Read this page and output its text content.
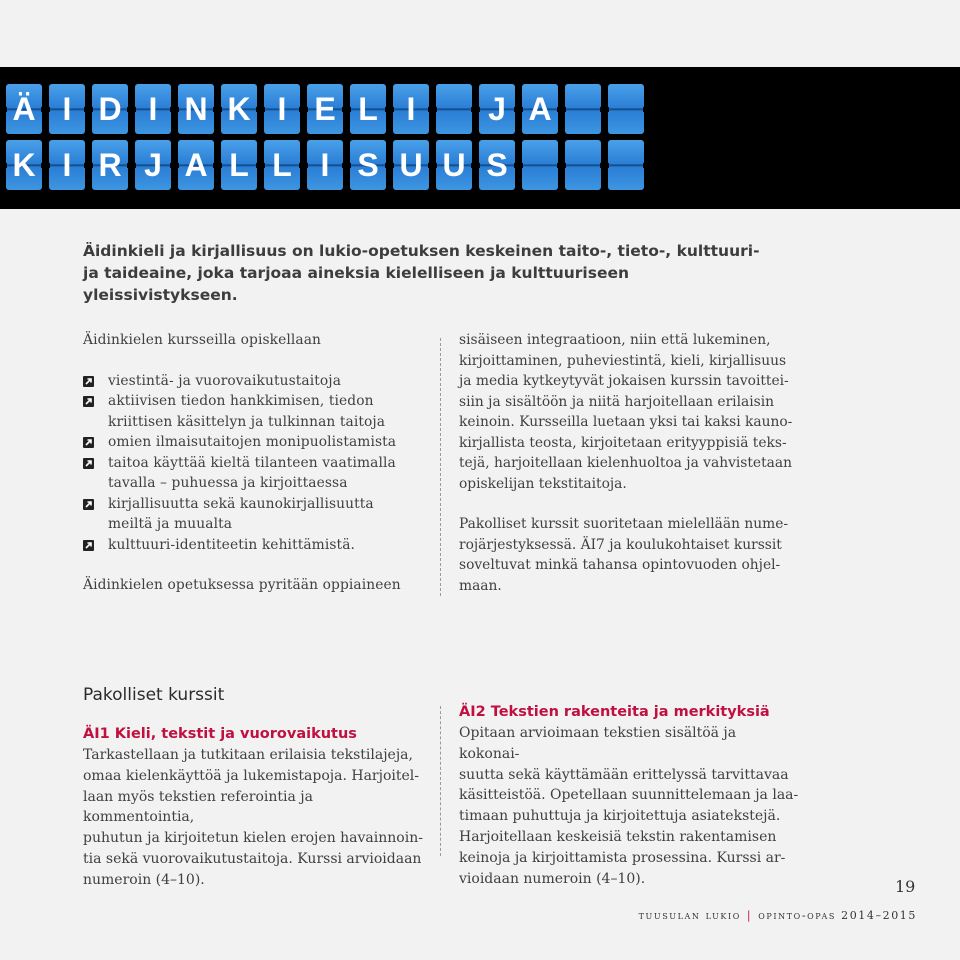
Ä I D I N K I E L I	J A
K I R J A L L I S U U S
Äidinkieli ja kirjallisuus on lukio-opetuksen keskeinen taito-, tieto-, kulttuuri-
ja taideaine, joka tarjoaa aineksia kielelliseen ja kulttuuriseen yleissivistykseen.

Äidinkielen kursseilla opiskellaan

viestintä- ja vuorovaikutustaitoja
aktiivisen tiedon hankkimisen, tiedon
kriittisen käsittelyn ja tulkinnan taitoja
omien ilmaisutaitojen monipuolistamista
taitoa käyttää kieltä tilanteen vaatimalla
tavalla – puhuessa ja kirjoittaessa
kirjallisuutta sekä kaunokirjallisuutta
meiltä ja muualta
kulttuuri-identiteetin kehittämistä.

Äidinkielen opetuksessa pyritään oppiaineen

sisäiseen integraatioon, niin että lukeminen,
kirjoittaminen, puheviestintä, kieli, kirjallisuus
ja media kytkeytyvät jokaisen kurssin tavoittei-
siin ja sisältöön ja niitä harjoitellaan erilaisin
keinoin. Kursseilla luetaan yksi tai kaksi kauno-
kirjallista teosta, kirjoitetaan erityyppisiä teks-
tejä, harjoitellaan kielenhuoltoa ja vahvistetaan
opiskelijan tekstitaitoja.

Pakolliset kurssit suoritetaan mielellään nume-
rojärjestyksessä. ÄI7 ja koulukohtaiset kurssit
soveltuvat minkä tahansa opintovuoden ohjel-
maan.

Pakolliset kurssit
ÄI1 Kieli, tekstit ja vuorovaikutus

Tarkastellaan ja tutkitaan erilaisia tekstilajeja,
omaa kielenkäyttöä ja lukemistapoja. Harjoitel-
laan myös tekstien referointia ja kommentointia,
puhutun ja kirjoitetun kielen erojen havainnoin-
tia sekä vuorovaikutustaitoja. Kurssi arvioidaan
numeroin (4–10).

ÄI2 Tekstien rakenteita ja merkityksiä

Opitaan arvioimaan tekstien sisältöä ja kokonai-
suutta sekä käyttämään erittelyssä tarvittavaa
käsitteistöä. Opetellaan suunnittelemaan ja laa-
timaan puhuttuja ja kirjoitettuja asiatekstejä.
Harjoitellaan keskeisiä tekstin rakentamisen
keinoja ja kirjoittamista prosessina. Kurssi ar-
vioidaan numeroin (4–10).	19
tuusulan lukio | opinto-opas 2014–2015
